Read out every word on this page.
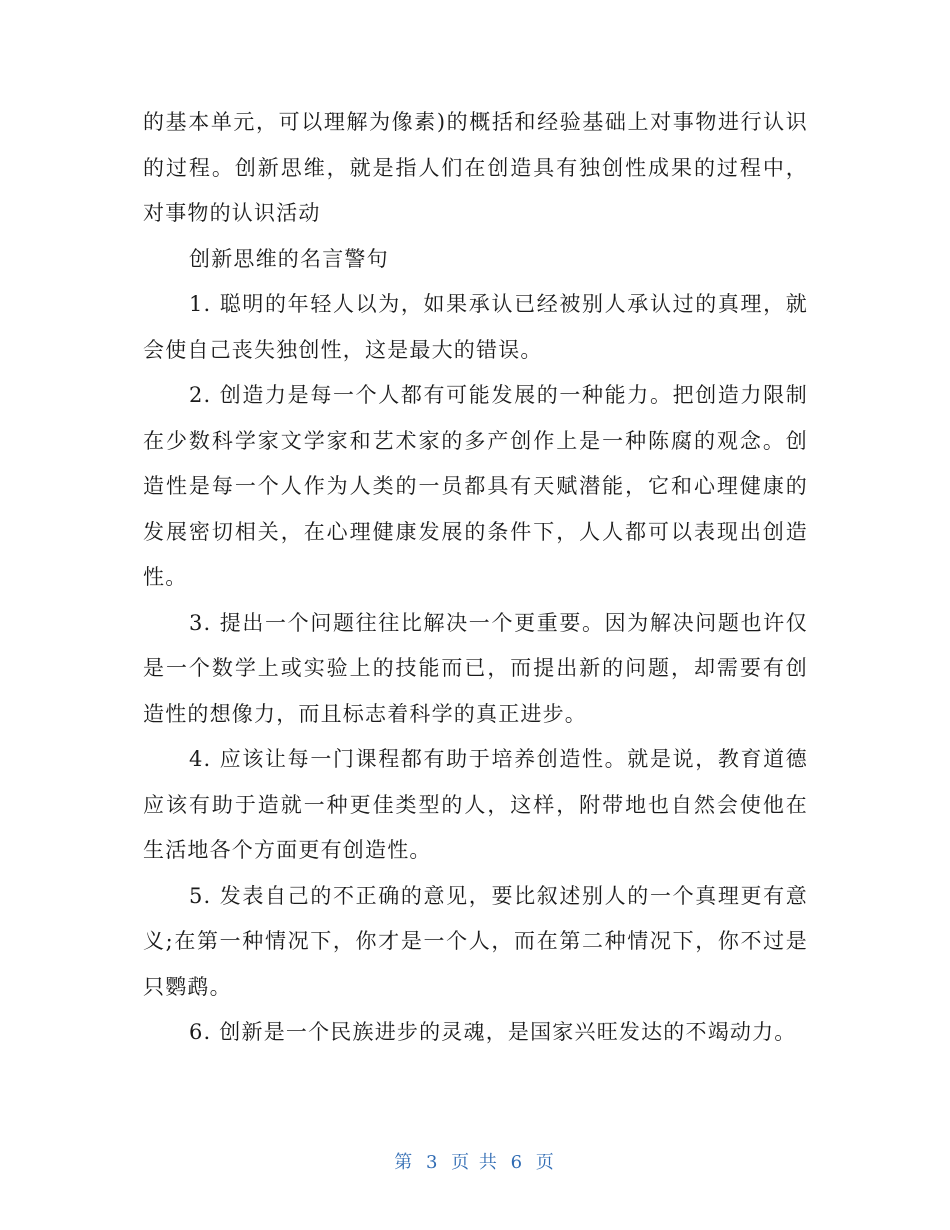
的基本单元，可以理解为像素)的概括和经验基础上对事物进行认识的过程。创新思维，就是指人们在创造具有独创性成果的过程中，对事物的认识活动

创新思维的名言警句

1. 聪明的年轻人以为，如果承认已经被别人承认过的真理，就会使自己丧失独创性，这是最大的错误。

2. 创造力是每一个人都有可能发展的一种能力。把创造力限制在少数科学家文学家和艺术家的多产创作上是一种陈腐的观念。创造性是每一个人作为人类的一员都具有天赋潜能，它和心理健康的发展密切相关，在心理健康发展的条件下，人人都可以表现出创造性。

3. 提出一个问题往往比解决一个更重要。因为解决问题也许仅是一个数学上或实验上的技能而已，而提出新的问题，却需要有创造性的想像力，而且标志着科学的真正进步。

4. 应该让每一门课程都有助于培养创造性。就是说，教育道德应该有助于造就一种更佳类型的人，这样，附带地也自然会使他在生活地各个方面更有创造性。

5. 发表自己的不正确的意见，要比叙述别人的一个真理更有意义;在第一种情况下，你才是一个人，而在第二种情况下，你不过是只鹦鹉。

6. 创新是一个民族进步的灵魂，是国家兴旺发达的不竭动力。

第 3 页 共 6 页
